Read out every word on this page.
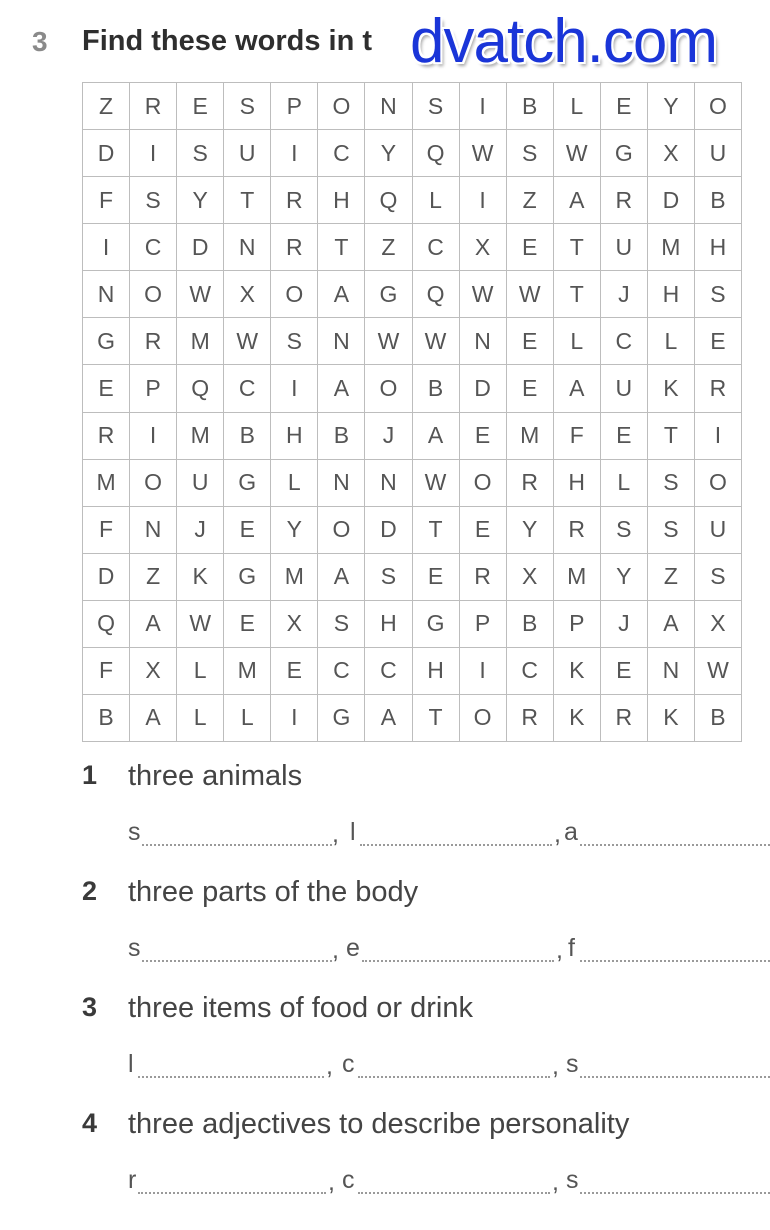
3 Find these words in t dvatch.com
Z	R	E	S	P	O	N	S	I	B	L	E	Y	O
D	I	S	U	I	C	Y	Q	W	S	W	G	X	U
F	S	Y	T	R	H	Q	L	I	Z	A	R	D	B
I	C	D	N	R	T	Z	C	X	E	T	U	M	H
N	O	W	X	O	A	G	Q	W	W	T	J	H	S
G	R	M	W	S	N	W	W	N	E	L	C	L	E
E	P	Q	C	I	A	O	B	D	E	A	U	K	R
R	I	M	B	H	B	J	A	E	M	F	E	T	I
M	O	U	G	L	N	N	W	O	R	H	L	S	O
F	N	J	E	Y	O	D	T	E	Y	R	S	S	U
D	Z	K	G	M	A	S	E	R	X	M	Y	Z	S
Q	A	W	E	X	S	H	G	P	B	P	J	A	X
F	X	L	M	E	C	C	H	I	C	K	E	N	W
B	A	L	L	I	G	A	T	O	R	K	R	K	B
1 three animals
s	, l	, a
2 three parts of the body
s	, e	, f
3 three items of food or drink
l	, c	, s
4 three adjectives to describe personality
r	, c	, s
